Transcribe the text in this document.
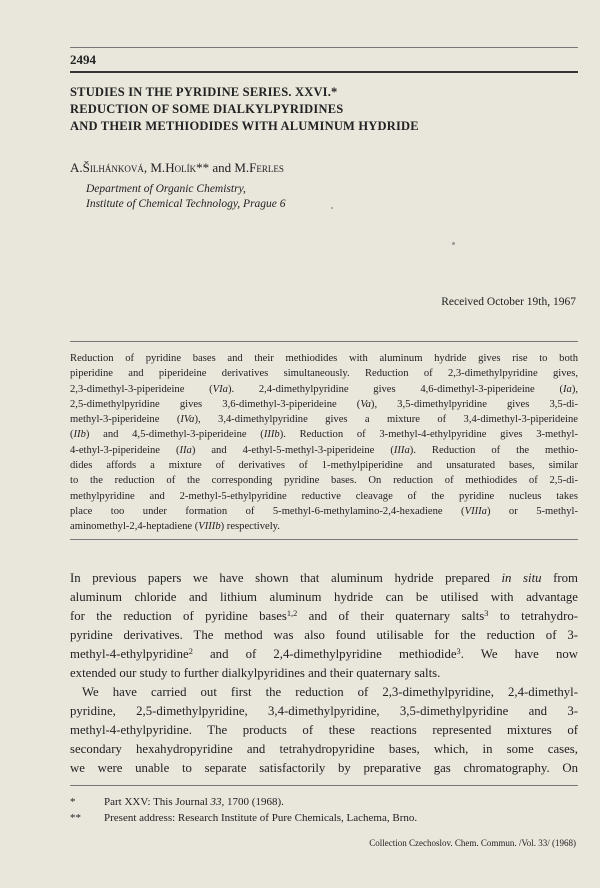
2494
STUDIES IN THE PYRIDINE SERIES. XXVI.*
REDUCTION OF SOME DIALKYLPYRIDINES
AND THEIR METHIODIDES WITH ALUMINUM HYDRIDE
A.Šilhánková, M.Holík** and M.Ferles
Department of Organic Chemistry,
Institute of Chemical Technology, Prague 6
Received October 19th, 1967
Reduction of pyridine bases and their methiodides with aluminum hydride gives rise to both
piperidine and piperideine derivatives simultaneously. Reduction of 2,3-dimethylpyridine gives,
2,3-dimethyl-3-piperideine (VIa). 2,4-dimethylpyridine gives 4,6-dimethyl-3-piperideine (Ia),
2,5-dimethylpyridine gives 3,6-dimethyl-3-piperideine (Va), 3,5-dimethylpyridine gives 3,5-di-
methyl-3-piperideine (IVa), 3,4-dimethylpyridine gives a mixture of 3,4-dimethyl-3-piperideine
(IIb) and 4,5-dimethyl-3-piperideine (IIIb). Reduction of 3-methyl-4-ethylpyridine gives 3-methyl-
4-ethyl-3-piperideine (IIa) and 4-ethyl-5-methyl-3-piperideine (IIIa). Reduction of the methio-
dides affords a mixture of derivatives of 1-methylpiperidine and unsaturated bases, similar
to the reduction of the corresponding pyridine bases. On reduction of methiodides of 2,5-di-
methylpyridine and 2-methyl-5-ethylpyridine reductive cleavage of the pyridine nucleus takes
place too under formation of 5-methyl-6-methylamino-2,4-hexadiene (VIIIa) or 5-methyl-
aminomethyl-2,4-heptadiene (VIIIb) respectively.
In previous papers we have shown that aluminum hydride prepared in situ from
aluminum chloride and lithium aluminum hydride can be utilised with advantage
for the reduction of pyridine bases$^{1,2}$ and of their quaternary salts$^3$ to tetrahydro-
pyridine derivatives. The method was also found utilisable for the reduction of 3-
methyl-4-ethylpyridine$^2$ and of 2,4-dimethylpyridine methiodide$^3$. We have now
extended our study to further dialkylpyridines and their quaternary salts.
We have carried out first the reduction of 2,3-dimethylpyridine, 2,4-dimethyl-
pyridine, 2,5-dimethylpyridine, 3,4-dimethylpyridine, 3,5-dimethylpyridine and 3-
methyl-4-ethylpyridine. The products of these reactions represented mixtures of
secondary hexahydropyridine and tetrahydropyridine bases, which, in some cases,
we were unable to separate satisfactorily by preparative gas chromatography. On
*	Part XXV: This Journal 33, 1700 (1968).
** Present address: Research Institute of Pure Chemicals, Lachema, Brno.
Collection Czechoslov. Chem. Commun. /Vol. 33/ (1968)
